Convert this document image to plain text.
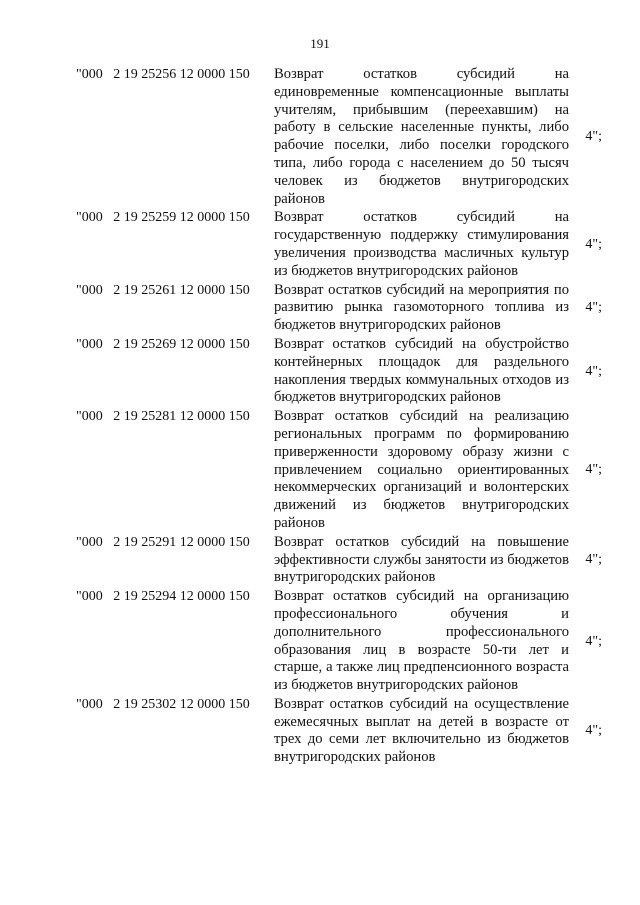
191
"000   2 19 25256 12 0000 150	Возврат остатков субсидий на единовременные компенсационные выплаты учителям, прибывшим (переехавшим) на работу в сельские населенные пункты, либо рабочие поселки, либо поселки городского типа, либо города с населением до 50 тысяч человек из бюджетов внутригородских районов
4";
"000   2 19 25259 12 0000 150	Возврат остатков субсидий на государственную поддержку стимулирования увеличения производства масличных культур из бюджетов внутригородских районов
4";
"000   2 19 25261 12 0000 150	Возврат остатков субсидий на мероприятия по развитию рынка газомоторного топлива из бюджетов внутригородских районов
4";
"000   2 19 25269 12 0000 150	Возврат остатков субсидий на обустройство контейнерных площадок для раздельного накопления твердых коммунальных отходов из бюджетов внутригородских районов
4";
"000   2 19 25281 12 0000 150	Возврат остатков субсидий на реализацию региональных программ по формированию приверженности здоровому образу жизни с привлечением социально ориентированных некоммерческих организаций и волонтерских движений из бюджетов внутригородских районов
4";
"000   2 19 25291 12 0000 150	Возврат остатков субсидий на повышение эффективности службы занятости из бюджетов внутригородских районов
4";
"000   2 19 25294 12 0000 150	Возврат остатков субсидий на организацию профессионального обучения и дополнительного профессионального образования лиц в возрасте 50-ти лет и старше, а также лиц предпенсионного возраста из бюджетов внутригородских районов
4";
"000   2 19 25302 12 0000 150	Возврат остатков субсидий на осуществление ежемесячных выплат на детей в возрасте от трех до семи лет включительно из бюджетов внутригородских районов
4";
